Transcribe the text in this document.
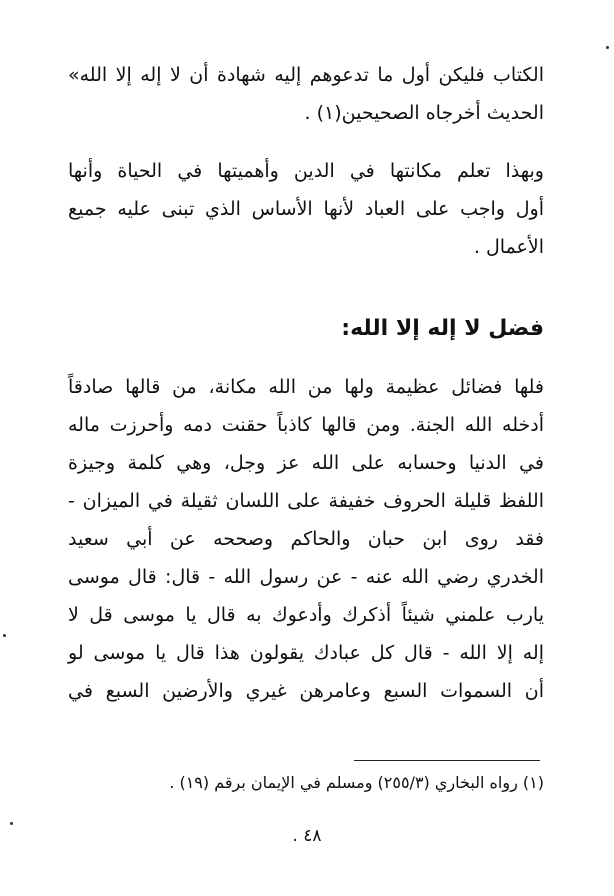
الكتاب فليكن أول ما تدعوهم إليه شهادة أن لا إله إلا الله»
الحديث أخرجاه الصحيحين(١) .
وبهذا تعلم مكانتها في الدين وأهميتها في الحياة وأنها
أول واجب على العباد لأنها الأساس الذي تبنى عليه جميع
الأعمال .
فضل لا إله إلا الله:
فلها فضائل عظيمة ولها من الله مكانة، من قالها صادقاً
أدخله الله الجنة. ومن قالها كاذباً حقنت دمه وأحرزت ماله
في الدنيا وحسابه على الله عز وجل، وهي كلمة وجيزة
اللفظ قليلة الحروف خفيفة على اللسان ثقيلة في الميزان -
فقد روى ابن حبان والحاكم وصححه عن أبي سعيد
الخدري رضي الله عنه - عن رسول الله - قال: قال موسى
يارب علمني شيئاً أذكرك وأدعوك به قال يا موسى قل لا
إله إلا الله - قال كل عبادك يقولون هذا قال يا موسى لو
أن السموات السبع وعامرهن غيري والأرضين السبع في
(١) رواه البخاري (٢٥٥/٣) ومسلم في الإيمان برقم (١٩) .
٤٨ .
